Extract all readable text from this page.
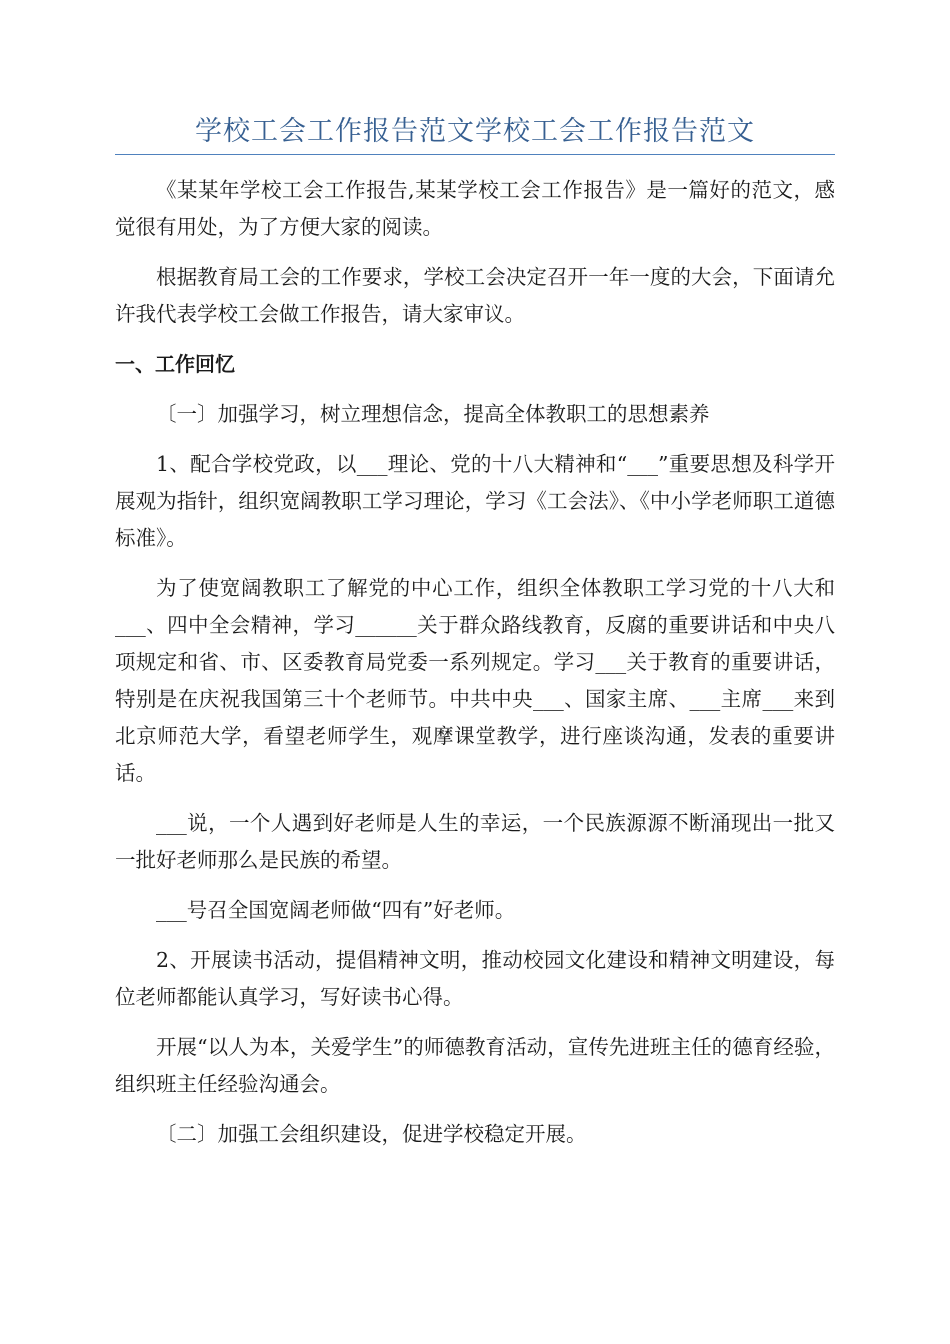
学校工会工作报告范文学校工会工作报告范文

《某某年学校工会工作报告,某某学校工会工作报告》是一篇好的范文，感觉很有用处，为了方便大家的阅读。

根据教育局工会的工作要求，学校工会决定召开一年一度的大会，下面请允许我代表学校工会做工作报告，请大家审议。

一、工作回忆

〔一〕加强学习，树立理想信念，提高全体教职工的思想素养

1、配合学校党政，以___理论、党的十八大精神和“___”重要思想及科学开展观为指针，组织宽阔教职工学习理论，学习《工会法》、《中小学老师职工道德标准》。

为了使宽阔教职工了解党的中心工作，组织全体教职工学习党的十八大和___、四中全会精神，学习______关于群众路线教育，反腐的重要讲话和中央八项规定和省、市、区委教育局党委一系列规定。学习___关于教育的重要讲话，特别是在庆祝我国第三十个老师节。中共中央___、国家主席、___主席___来到北京师范大学，看望老师学生，观摩课堂教学，进行座谈沟通，发表的重要讲话。

___说，一个人遇到好老师是人生的幸运，一个民族源源不断涌现出一批又一批好老师那么是民族的希望。

___号召全国宽阔老师做“四有”好老师。

2、开展读书活动，提倡精神文明，推动校园文化建设和精神文明建设，每位老师都能认真学习，写好读书心得。

开展“以人为本，关爱学生”的师德教育活动，宣传先进班主任的德育经验，组织班主任经验沟通会。

〔二〕加强工会组织建设，促进学校稳定开展。
